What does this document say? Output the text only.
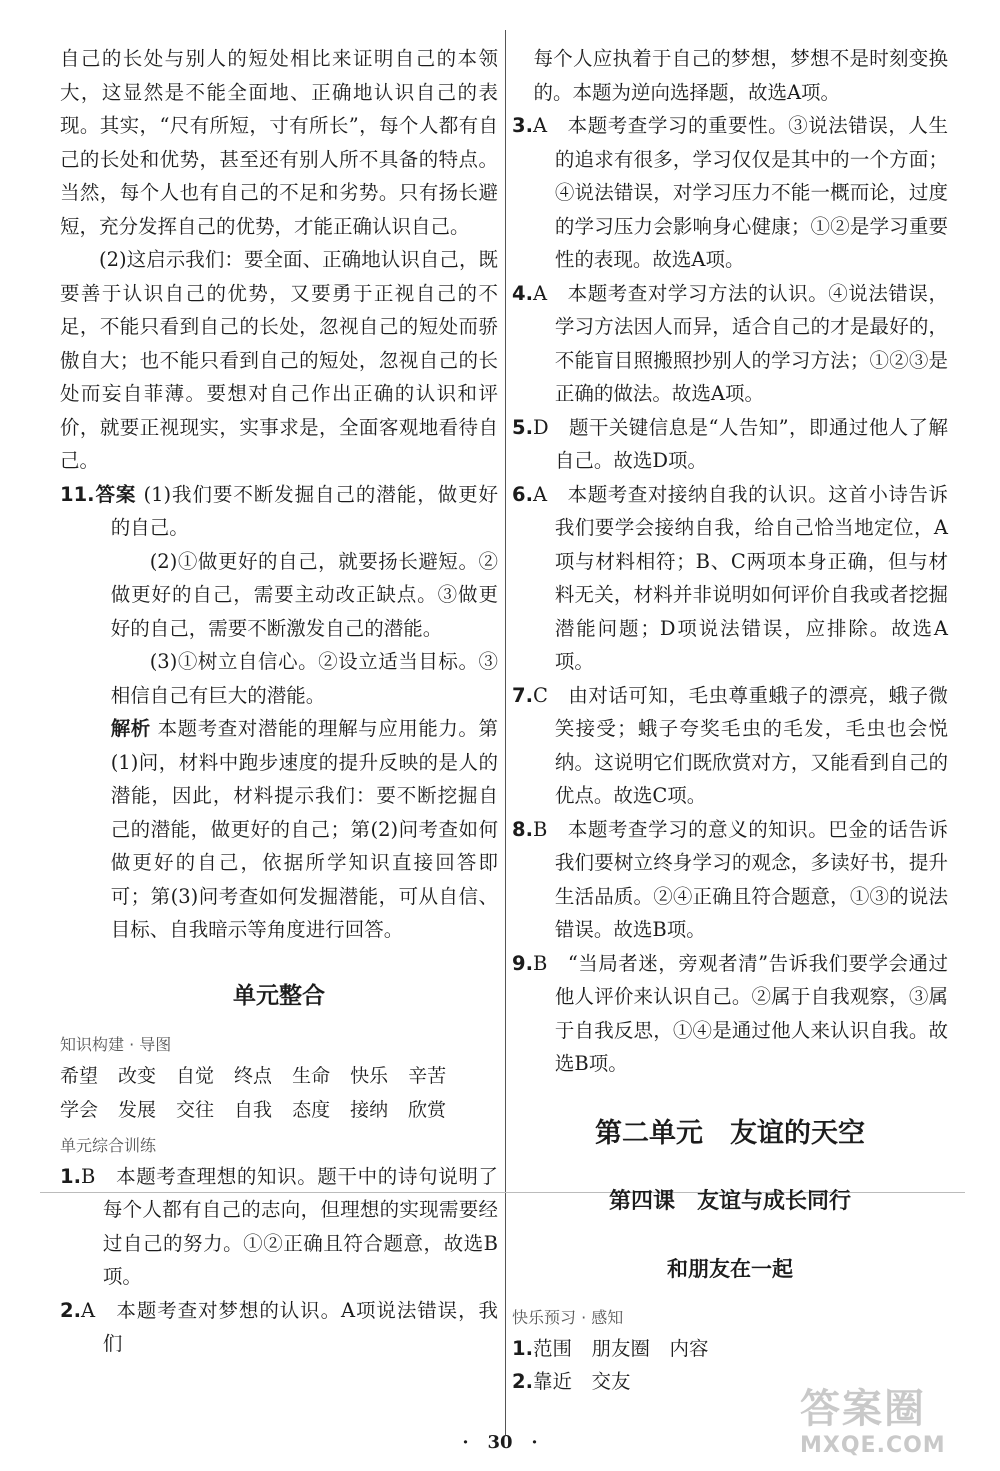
自己的长处与别人的短处相比来证明自己的本领大，这显然是不能全面地、正确地认识自己的表现。其实，“尺有所短，寸有所长”，每个人都有自己的长处和优势，甚至还有别人所不具备的特点。当然，每个人也有自己的不足和劣势。只有扬长避短，充分发挥自己的优势，才能正确认识自己。

(2)这启示我们：要全面、正确地认识自己，既要善于认识自己的优势，又要勇于正视自己的不足，不能只看到自己的长处，忽视自己的短处而骄傲自大；也不能只看到自己的短处，忽视自己的长处而妄自菲薄。要想对自己作出正确的认识和评价，就要正视现实，实事求是，全面客观地看待自己。

11.答案 (1)我们要不断发掘自己的潜能，做更好的自己。

(2)①做更好的自己，就要扬长避短。②做更好的自己，需要主动改正缺点。③做更好的自己，需要不断激发自己的潜能。

(3)①树立自信心。②设立适当目标。③相信自己有巨大的潜能。

解析 本题考查对潜能的理解与应用能力。第(1)问，材料中跑步速度的提升反映的是人的潜能，因此，材料提示我们：要不断挖掘自己的潜能，做更好的自己；第(2)问考查如何做更好的自己，依据所学知识直接回答即可；第(3)问考查如何发掘潜能，可从自信、目标、自我暗示等角度进行回答。

单元整合
知识构建 · 导图
希望 改变 自觉 终点 生命 快乐 辛苦
学会 发展 交往 自我 态度 接纳 欣赏
单元综合训练

1.B　 本题考查理想的知识。题干中的诗句说明了每个人都有自己的志向，但理想的实现需要经过自己的努力。①②正确且符合题意，故选B项。

2.A　 本题考查对梦想的认识。A项说法错误，我们

每个人应执着于自己的梦想，梦想不是时刻变换的。本题为逆向选择题，故选A项。

3.A　 本题考查学习的重要性。③说法错误，人生的追求有很多，学习仅仅是其中的一个方面；④说法错误，对学习压力不能一概而论，过度的学习压力会影响身心健康；①②是学习重要性的表现。故选A项。

4.A　 本题考查对学习方法的认识。④说法错误，学习方法因人而异，适合自己的才是最好的，不能盲目照搬照抄别人的学习方法；①②③是正确的做法。故选A项。

5.D　 题干关键信息是“人告知”，即通过他人了解自己。故选D项。

6.A　 本题考查对接纳自我的认识。这首小诗告诉我们要学会接纳自我，给自己恰当地定位，A项与材料相符；B、C两项本身正确，但与材料无关，材料并非说明如何评价自我或者挖掘潜能问题；D项说法错误，应排除。故选A项。

7.C　 由对话可知，毛虫尊重蛾子的漂亮，蛾子微笑接受；蛾子夸奖毛虫的毛发，毛虫也会悦纳。这说明它们既欣赏对方，又能看到自己的优点。故选C项。

8.B　 本题考查学习的意义的知识。巴金的话告诉我们要树立终身学习的观念，多读好书，提升生活品质。②④正确且符合题意，①③的说法错误。故选B项。

9.B　 “当局者迷，旁观者清”告诉我们要学会通过他人评价来认识自己。②属于自我观察，③属于自我反思，①④是通过他人来认识自我。故选B项。

第二单元　友谊的天空
第四课　友谊与成长同行
和朋友在一起
快乐预习 · 感知

1.范围　朋友圈　内容

2.靠近　交友

· 30 ·
答案圈
MXQE.COM
